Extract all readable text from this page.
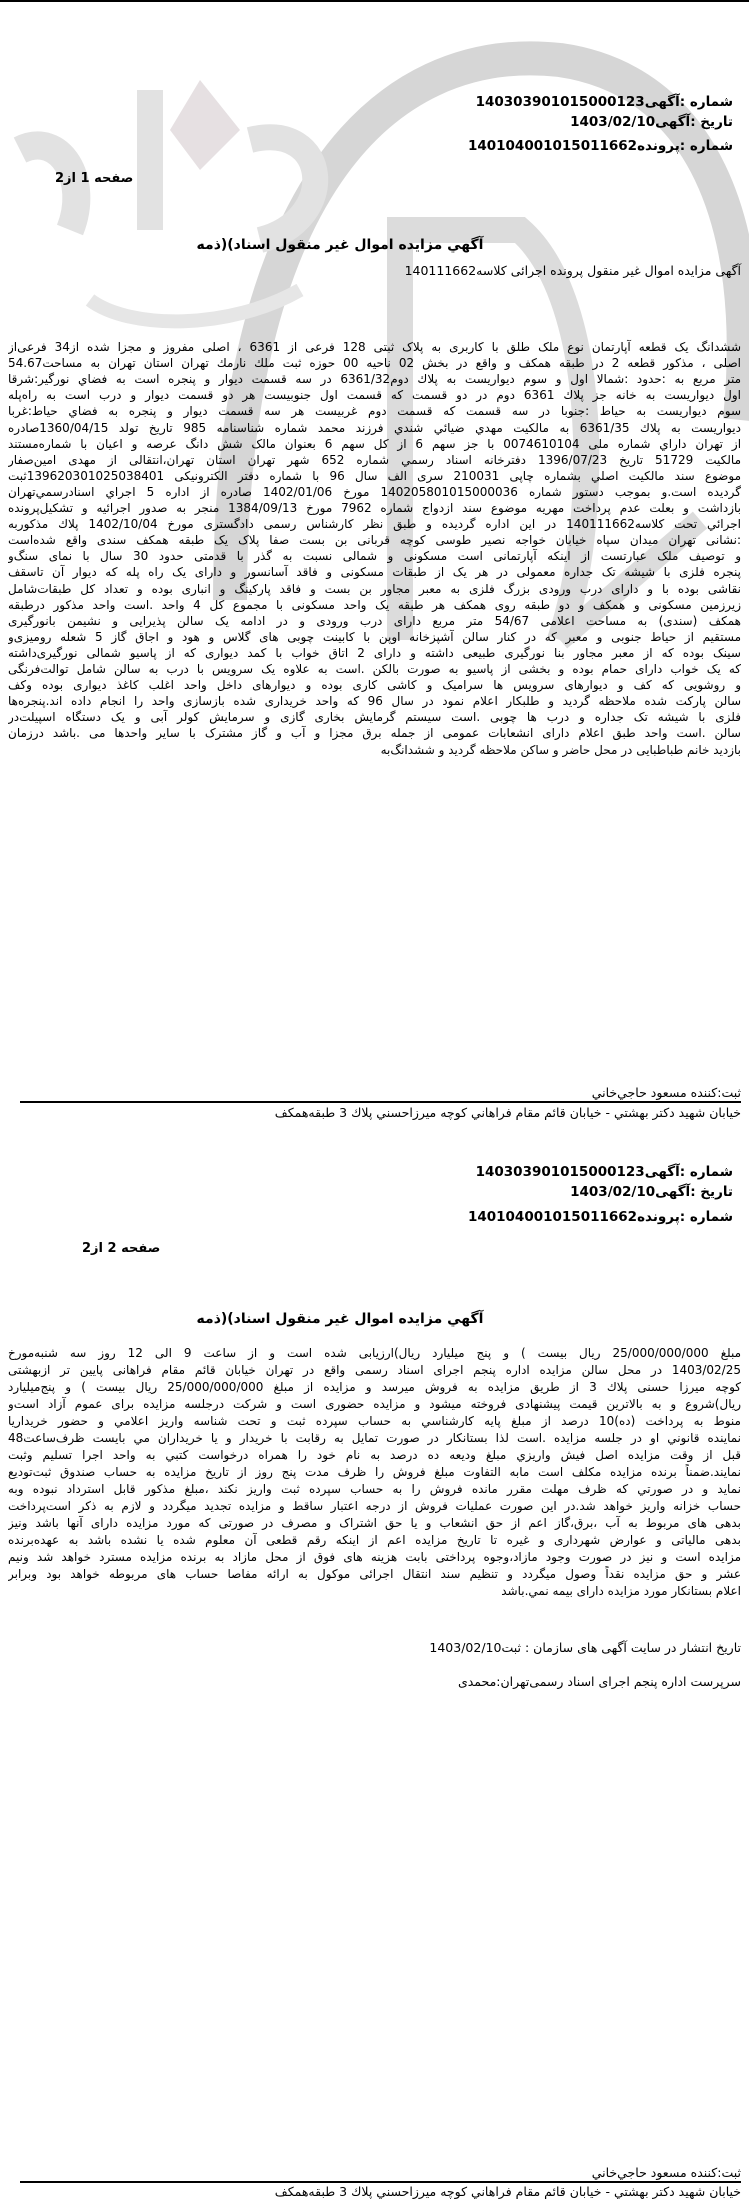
شماره :آگهی140303901015000123
تاریخ :آگهی1403/02/10
شماره :پرونده140104001015011662
صفحه 1 از2
آگهي مزايده اموال غير منقول اسناد)(ذمه
آگهی مزایده اموال غیر منقول پرونده اجرائی کلاسه140111662
ششدانگ یک قطعه آپارتمان نوع ملک طلق با کاربری به پلاک ثبتی 128 فرعی از 6361 ، اصلی مفروز و مجزا شده از34 فرعی‌از
اصلی ، مذکور قطعه 2 در طبقه همکف و واقع در بخش 02 ناحیه 00 حوزه ثبت ملك نارمك تهران استان تهران به مساحت54.67
متر مربع به :حدود :شمالا اول و سوم دیواریست به پلاك دوم6361/32 در سه قسمت دیوار و پنجره است به فضاي نورگير:شرقا
اول دیواریست به خانه جز پلاك 6361 دوم در دو قسمت كه قسمت اول جنوبيست هر دو قسمت ديوار و درب است به راه‌پله
سوم ديواريست به حياط :جنوبا در سه قسمت كه قسمت دوم غربيست هر سه قسمت ديوار و پنجره به فضاي حياط:غربا
ديواريست به پلاك 6361/35 به مالكيت مهدي ضيائي شندي فرزند محمد شماره شناسنامه 985 تاريخ تولد 1360/04/15صادره
از تهران داراي شماره ملی 0074610104 با جز سهم 6 از كل سهم 6 بعنوان مالک شش دانگ عرصه و اعیان با شماره‌مستند
مالكيت 51729 تاريخ 1396/07/23 دفترخانه اسناد رسمي شماره 652 شهر تهران استان تهران،انتقالی از مهدی امین‌صفار
موضوع سند مالكيت اصلي بشماره چاپی 210031 سری الف سال 96 با شماره دفتر الكترونیكی 139620301025038401ثبت
گرديده است.و بموجب دستور شماره 140205801015000036 مورخ 1402/01/06 صادره از اداره 5 اجراي اسنادرسمي‌تهران
بازداشت و بعلت عدم پرداخت مهريه موضوع سند ازدواج شماره 7962 مورخ 1384/09/13 منجر به صدور اجرائيه و تشكيل‌پرونده
اجرائي تحت كلاسه140111662 در اين اداره گرديده و طبق نظر كارشناس رسمی دادگستری مورخ 1402/10/04 پلاك مذكوربه
:نشانی تهران ميدان سپاه خيابان خواجه نصير طوسی كوچه قربانی بن بست صفا پلاک یک طبقه همکف سندی واقع شده‌است
و توصیف ملک عبارتست از اینکه آپارتمانی است مسکونی و شمالی نسبت به گذر با قدمتی حدود 30 سال با نمای سنگ‌و
پنجره فلزی با شیشه تک جداره معمولی در هر یک از طبقات مسکونی و فاقد آسانسور و دارای یک راه پله که دیوار آن تاسقف
نقاشی بوده با و دارای درب ورودی بزرگ فلزی به معبر مجاور بن بست و فاقد پارکینگ و انباری بوده و تعداد کل طبقات‌شامل
زیرزمین مسکونی و همکف و دو طبقه روی همکف هر طبقه یک واحد مسکونی با مجموع کل 4 واحد .است واحد مذکور درطبقه
همکف (سندی) به مساحت اعلامی 54/67 متر مربع دارای درب ورودی و در ادامه یک سالن پذیرایی و نشیمن بانورگیری
مستقیم از حیاط جنوبی و معبر که در کنار سالن آشپزخانه اوپن با کابینت چوبی های گلاس و هود و اجاق گاز 5 شعله رومیزی‌و
سینک بوده که از معبر مجاور بنا نورگیری طبیعی داشته و دارای 2 اتاق خواب با کمد دیواری که از پاسیو شمالی نورگیری‌داشته
که یک خواب دارای حمام بوده و بخشی از پاسیو به صورت بالکن .است به علاوه یک سرویس با درب به سالن شامل توالت‌فرنگی
و روشویی که کف و دیوارهای سرویس ها سرامیک و کاشی کاری بوده و دیوارهای داخل واحد اغلب کاغذ دیواری بوده وکف
سالن پارکت شده ملاحظه گردید و طلبکار اعلام نمود در سال 96 که واحد خریداری شده بازسازی واحد را انجام داده اند.پنجره‌ها
فلزی با شیشه تک جداره و درب ها چوبی .است سیستم گرمایش بخاری گازی و سرمایش کولر آبی و یک دستگاه اسپیلت‌در
سالن .است واحد طبق اعلام دارای انشعابات عمومی از جمله برق مجزا و آب و گاز مشترک با سایر واحدها می .باشد درزمان
بازدید خانم طباطبایی در محل حاضر و ساکن ملاحظه گردید و ششدانگ‌به
ثبت:کننده مسعود حاجي‌خاني
خيابان شهيد دكتر بهشتي - خيابان قائم مقام فراهاني كوچه ميرزاحسني پلاك 3 طبقه‌همكف
شماره :آگهی140303901015000123
تاریخ :آگهی1403/02/10
شماره :پرونده140104001015011662
صفحه 2 از2
آگهي مزايده اموال غير منقول اسناد)(ذمه
مبلغ 25/000/000/000 ريال بيست ) و پنج ميليارد ريال)ارزيابی شده است و از ساعت 9 الی 12 روز سه شنبه‌مورخ
1403/02/25 در محل سالن مزايده اداره پنجم اجرای اسناد رسمی واقع در تهران خيابان قائم مقام فراهانی پايين تر ازبهشتی
كوچه ميرزا حسنی پلاك 3 از طريق مزايده به فروش ميرسد و مزايده از مبلغ 25/000/000/000 ريال بيست ) و پنج‌ميليارد
ريال)شروع و به بالاترين قيمت پيشنهادی فروخته ميشود و مزايده حضوری است و شركت درجلسه مزايده برای عموم آزاد است‌و
منوط به پرداخت (ده)10 درصد از مبلغ پايه كارشناسي به حساب سپرده ثبت و تحت شناسه واريز اعلامي و حضور خريداريا
نماينده قانوني او در جلسه مزايده .است لذا بستانكار در صورت تمايل به رقابت با خريدار و يا خريداران مي بايست ظرف‌ساعت48
قبل از وقت مزايده اصل فيش واريزي مبلغ وديعه ده درصد به نام خود را همراه درخواست كتبي به واحد اجرا تسليم وثبت
نمايند.ضمناً برنده مزايده مكلف است مابه التفاوت مبلغ فروش را ظرف مدت پنج روز از تاريخ مزايده به حساب صندوق ثبت‌توديع
نمايد و در صورتي كه ظرف مهلت مقرر مانده فروش را به حساب سپرده ثبت واريز نكند ،مبلغ مذكور قابل استرداد نبوده وبه
حساب خزانه واريز خواهد شد.در اين صورت عمليات فروش از درجه اعتبار ساقط و مزايده تجديد ميگردد و لازم به ذكر است‌پرداخت
بدهی های مربوط به آب ،برق،گاز اعم از حق انشعاب و يا حق اشتراک و مصرف در صورتی كه مورد مزايده دارای آنها باشد ونيز
بدهی مالياتی و عوارض شهرداری و غيره تا تاريخ مزايده اعم از اينكه رقم قطعی آن معلوم شده يا نشده باشد به عهده‌برنده
مزايده است و نيز در صورت وجود مازاد،وجوه پرداختی بابت هزينه های فوق از محل مازاد به برنده مزايده مسترد خواهد شد ونيم
عشر و حق مزايده نقداً وصول ميگردد و تنظيم سند انتقال اجرائی موكول به ارائه مفاصا حساب های مربوطه خواهد بود وبرابر
اعلام بستانكار مورد مزايده دارای بيمه نمي.باشد
تاریخ انتشار در سایت آگهی های سازمان : ثبت1403/02/10
سرپرست اداره پنجم اجرای اسناد رسمی‌تهران:محمدی
ثبت:کننده مسعود حاجي‌خاني
خيابان شهيد دكتر بهشتي - خيابان قائم مقام فراهاني كوچه ميرزاحسني پلاك 3 طبقه‌همكف
